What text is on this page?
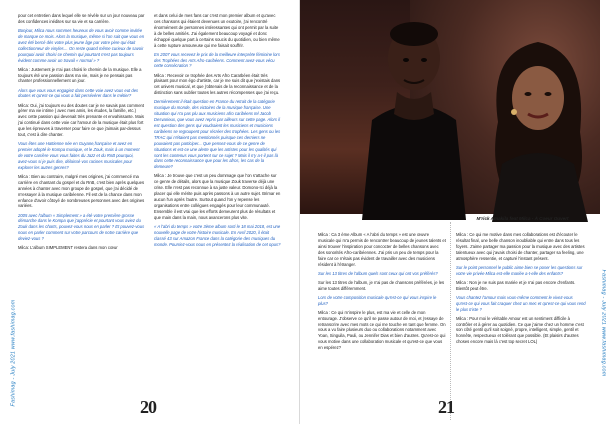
pour cet entretien dans lequel elle se révèle sur un jour nouveau par des confidences inédites sur sa vie et sa carrière.

Bonjour, Milca nous sommes heureux de vous avoir comme invitée de marque ce mois. Alors la musique, même si l'on sait que vous en avez été bercé dès votre plus jeune âge par votre père qui était collectionneur de vinyles… On reste quand même curieux de savoir pourquoi avoir choisi ce chemin qui pourtant n'est pas toujours évident comme avoir un travail « normal » ?

Milca : Justement je n'ai pas choisi le chemin de la musique. Elle a toujours été une passion dans ma vie, mais je ne pensais pas chanter professionnellement un jour.

Alors que vous vous engagiez dans cette voie avez vous eut des doutes et qu'est-ce qui vous a fait persévérer dans le métier?

Milca: Oui, j'ai toujours eu des doutes car je ne savais pas comment gérer ma vie intime ( avec mes amis, les études, la famille, etc.) avec cette passion qui devenait très prenante et envahissante. Mais j'ai continué dans cette voie car l'amour de la musique était plus fort que les épreuves à traverser pour faire ce que j'aimais par-dessus tout, c'est à dire chanter.

Vous êtes une Haïtienne née en Guyane,française et avez en premier adopté le Kompa musique, et le Zouk, mais à un moment de votre carrière vous vous faites du Jazz et du RnB pourquoi, avez-vous si je puis dire, délaissé vos racines musicales pour explorer les autres genres?

Milca : Bien au contraire, malgré mes origines, j'ai commencé ma carrière en chantant du gospel et du RnB, c'est bien après quelques années à chanter avec mon groupe de gospel, que j'ai décidé de m'essayer à la musique caribéenne. Fil est de la chance dans mon enfance d'avoir côtoyé de nombreuses personnes avec des origines variées.

2005 avec l'album « Simplement » a été votre première grosse démarche dans le Kompa que j'apprécie et pourtant vous aviez du Zouk dans les charts, pouvez-vous nous en parler ? Et pouvez-vous nous en parler comment sur votre parcours de notre carrière que deviez-vous ?

Milca: L'album SIMPLEMENT restera dans mon cœur

et dans celui de mes fans car c'est mon premier album et qu'avec ces chansons qui étaient devenues un exutoire, j'ai rencontré énormément de personnes intéressantes qui ont permit par la suite à de belles amitiés. J'ai également beaucoup voyagé et donc échappé quelque part à certains soucis du quotidien, ou bien même à cette rupture amoureuse qui me faisait souffrir.

En 2007 vous recevez le prix de la meilleure interprète féminine lors des Trophées des Arts Afro-caribéens. Comment avez-vous vécu cette consécration ?

Milca : Recevoir ce trophée des Arts Afro Caraïbéen était très plaisant pour mon égo d'artiste, car je me suis dit que j'existais dans cet univers musical, et que j'obtenais de la reconnaissance et de la distinction sans oublier toutes les autres récompenses que j'ai reçu.

Dernièrement il était question en France du retrait de la catégorie musique du monde, des victoires de la musique française. Une situation qui n'a pas plu aux musiciens afro caribéens tel Jacob Desvarieux, que vous avez repris par ailleurs sur cette page. Alors il est question des gens qui voudraient les musiciens et musiciens caribéens se regroupent pour récréer des trophées. Les gens ou les TRAC qui n'étaient pas mentionnés puisque ces derniers ne pouvaient pas participer... Que pensez-vous de ce genre de situations et est-ce une alerte que les artistes pour les qualités qui sont les contenus vous portent sur ce sujet ? Mais il n'y a-t-il pas là dans cette reconnaissance que pour les afros, les cas de la demeure?

Milca : Je trouve que c'est un peu dommage que l'on s'attache sur ce genre de détails, alors que la musique Zouk traverse déjà une crise. Elle n'est pas reconnue à sa juste valeur. Domono-Ici déjà la placer qui elle mérite puis après passons à un autre sujet. Brimar en aucun l'un après l'autre. Surtout quand l'on y repense les organisations entre collègues engagés pour leur communauté. Ensemble il est vrai que les efforts demeurent plus de résultats et que main dans la main, nous avancerons plus vite.

« A l'abri du temps » votre 3ème album sorti le 18 mai 2018, est une nouvelle page de votre histoire musicale. En Avril 2020, il était classé 43 sur Amazon France dans la catégorie des musiques du monde. Pourriez-vous nous en présentez la réalisation de cet opus?

Fashimag - July 2021 www.fashimag.com
20
M'rick Amakila feat Milca - À Coeur Ouvert

Milca : Ca 3 ème Album « A l'abri du temps » est une œuvre musicale qui m'a permis de rencontrer beaucoup de jeunes talents et ainsi trouver l'inspiration pour concocter de belles chansons avec des sonorités Afro-caribéennes. J'ai pris un peu de temps pour la faire car ce n'étais pas évident de travailler avec des musiciens résident à l'étranger.

Sur les 13 titres de l'album quels sont ceux qui ont vos préférés?

Sur les 13 titres de l'album, je n'ai pas de chansons préférées, je les aime toutes différemment.

Lors de votre composition musicale qu'est-ce qui vous inspire le plus?

Milca : Ce qui m'inspire le plus, est ma vie et celle de mon entourage. J'observe ce qu'il se passe autour de moi, et j'essaye de retranscrire avec mes mots ce qui me touche en tant que femme. On vous a vu faire plusieurs duo ou collaborations notamment avec Yoan, Singuila, Pauli, ou Jennifer Dias et bien d'autres. Qu'est-ce qui vous motive dans une collaboration musicale et qu'est-ce que vous en espérez?

Milca : Ce qui me motive dans mes collaborations est d'écouter le résultat final, une belle chanson inoubliable qui entre dans tous les foyers. J'aime partager ma passion pour la musique avec des artistes talentueux avec qui j'avais choisi de chanter, partager sa feeling, une atmosphère ressentie, et capturé l'instant présent.

Sur le point personnel le public aime bien se poser les questions sur votre vie privée Milca est-elle mariée a-t-elle des enfants?

Milca : Non je ne suis pas mariée et je n'ai pas encore d'enfants. Bientôt peut être.

Vous chantez l'amour mais vous-même comment le vivez-vous qu'est-ce qui vous fait craquer chez un mec et qu'est-ce qui vous rend le plus triste ?

Milca : Pour moi le véritable Amour est un sentiment difficile à contrôler et à gérer au quotidien. Ce que j'aime chez un homme c'est son côté gentil qu'il soit soigné, propre, intelligent, simple, gentil et honnête, respectueux et tolérant que possible. (Et plaisirs d'autres choses encore mais là c'est top secret LOL)	Fashimag - July 2021 www.fashimag.com
21
